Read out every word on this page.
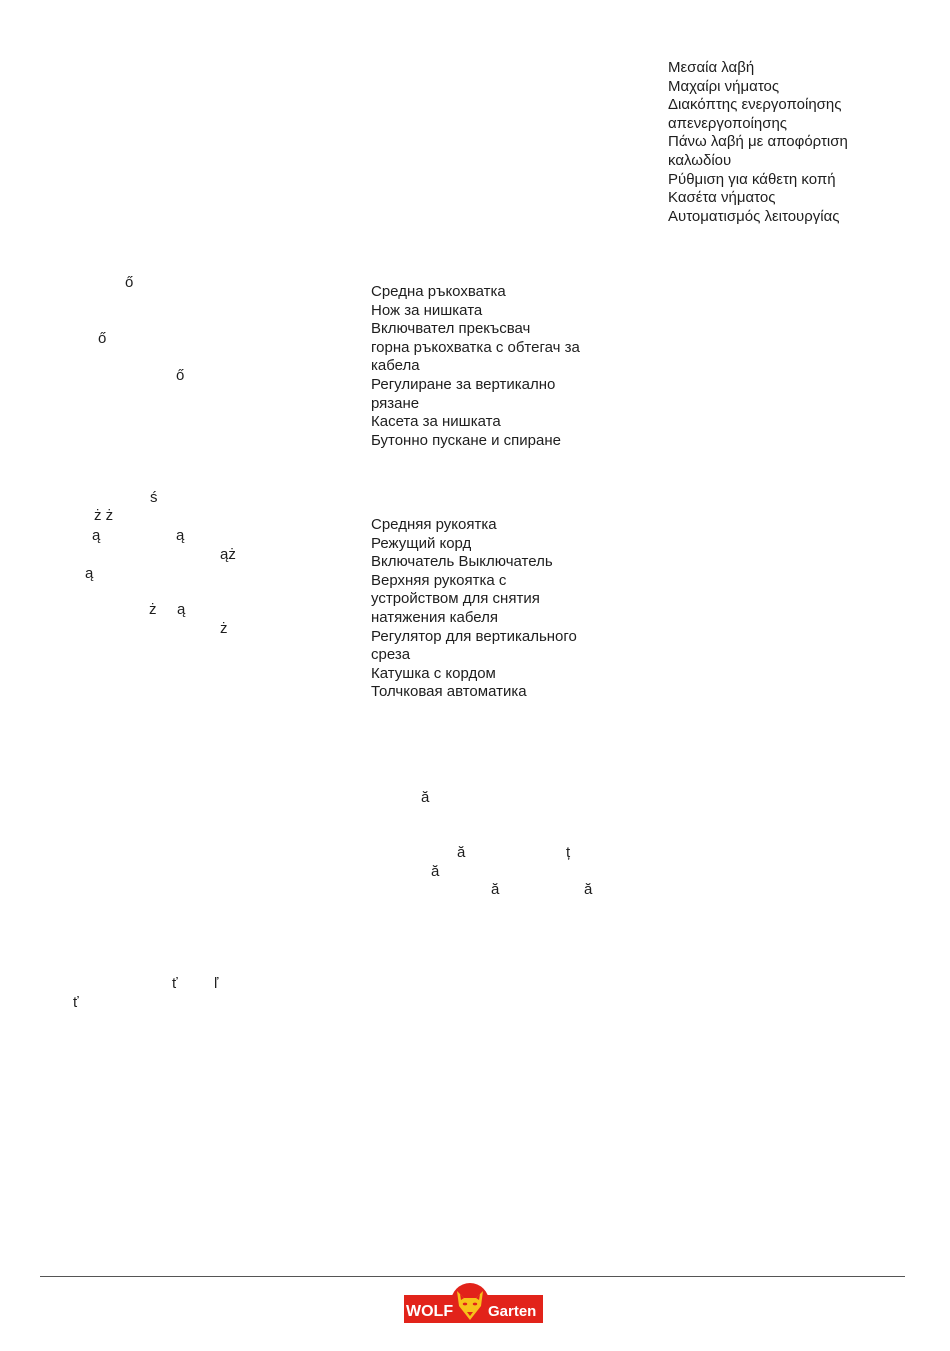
Μεσαία λαβή
Μαχαίρι νήματος
Διακόπτης ενεργοποίησης
απενεργοποίησης
Πάνω λαβή με αποφόρτιση
καλωδίου
Ρύθμιση για κάθετη κοπή
Κασέτα νήματος
Αυτοματισμός λειτουργίας
Средна ръкохватка
Нож за нишката
Включвател прекъсвач
горна ръкохватка с обтегач за
кабела
Регулиране за вертикално
рязане
Касета за нишката
Бутонно пускане и спиране
Средняя рукоятка
Режущий корд
Включатель Выключатель
Верхняя рукоятка с
устройством для снятия
натяжения кабеля
Регулятор для вертикального
среза
Катушка с кордом
Толчковая автоматика
ő
ő
ő
ś
ż ż
ą	ą
ąż
ą
ż ą
ż
ă
ă	ț
ă
ă	ă
ť ľ
ť
WOLF Garten
